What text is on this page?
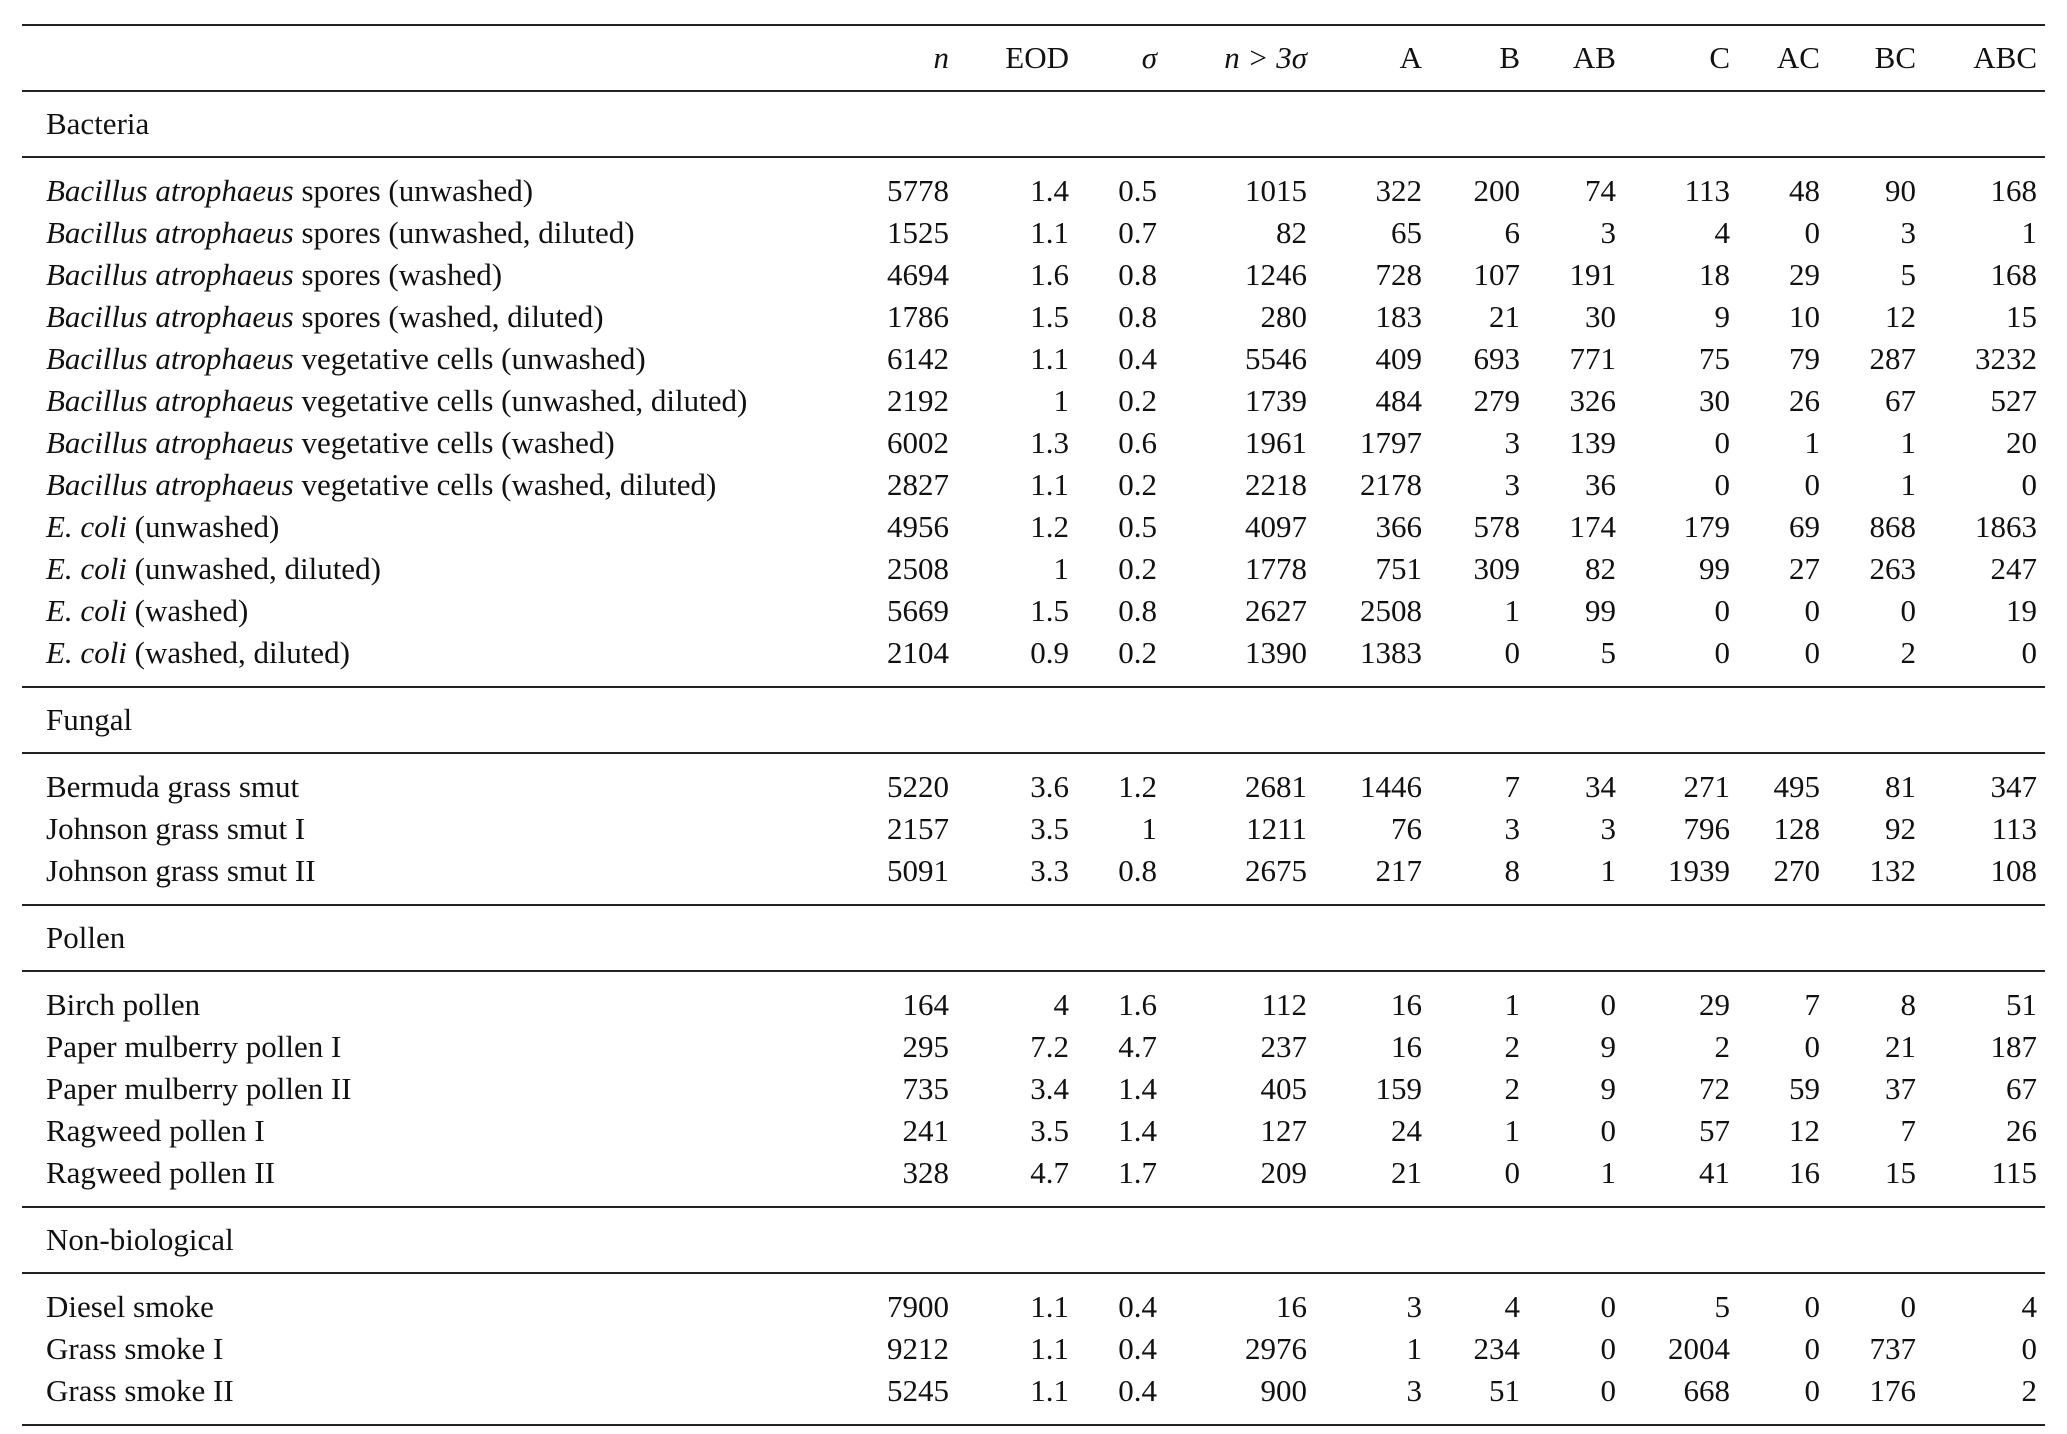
	n	EOD	σ	n > 3σ	A	B	AB	C	AC	BC	ABC
Bacteria											

Bacillus atrophaeus spores (unwashed)	5778	1.4	0.5	1015	322	200	74	113	48	90	168
Bacillus atrophaeus spores (unwashed, diluted)	1525	1.1	0.7	82	65	6	3	4	0	3	1
Bacillus atrophaeus spores (washed)	4694	1.6	0.8	1246	728	107	191	18	29	5	168
Bacillus atrophaeus spores (washed, diluted)	1786	1.5	0.8	280	183	21	30	9	10	12	15
Bacillus atrophaeus vegetative cells (unwashed)	6142	1.1	0.4	5546	409	693	771	75	79	287	3232
Bacillus atrophaeus vegetative cells (unwashed, diluted)	2192	1	0.2	1739	484	279	326	30	26	67	527
Bacillus atrophaeus vegetative cells (washed)	6002	1.3	0.6	1961	1797	3	139	0	1	1	20
Bacillus atrophaeus vegetative cells (washed, diluted)	2827	1.1	0.2	2218	2178	3	36	0	0	1	0
E. coli (unwashed)	4956	1.2	0.5	4097	366	578	174	179	69	868	1863
E. coli (unwashed, diluted)	2508	1	0.2	1778	751	309	82	99	27	263	247
E. coli (washed)	5669	1.5	0.8	2627	2508	1	99	0	0	0	19
E. coli (washed, diluted)	2104	0.9	0.2	1390	1383	0	5	0	0	2	0

Fungal											

Bermuda grass smut	5220	3.6	1.2	2681	1446	7	34	271	495	81	347
Johnson grass smut I	2157	3.5	1	1211	76	3	3	796	128	92	113
Johnson grass smut II	5091	3.3	0.8	2675	217	8	1	1939	270	132	108

Pollen											

Birch pollen	164	4	1.6	112	16	1	0	29	7	8	51
Paper mulberry pollen I	295	7.2	4.7	237	16	2	9	2	0	21	187
Paper mulberry pollen II	735	3.4	1.4	405	159	2	9	72	59	37	67
Ragweed pollen I	241	3.5	1.4	127	24	1	0	57	12	7	26
Ragweed pollen II	328	4.7	1.7	209	21	0	1	41	16	15	115

Non-biological											

Diesel smoke	7900	1.1	0.4	16	3	4	0	5	0	0	4
Grass smoke I	9212	1.1	0.4	2976	1	234	0	2004	0	737	0
Grass smoke II	5245	1.1	0.4	900	3	51	0	668	0	176	2
